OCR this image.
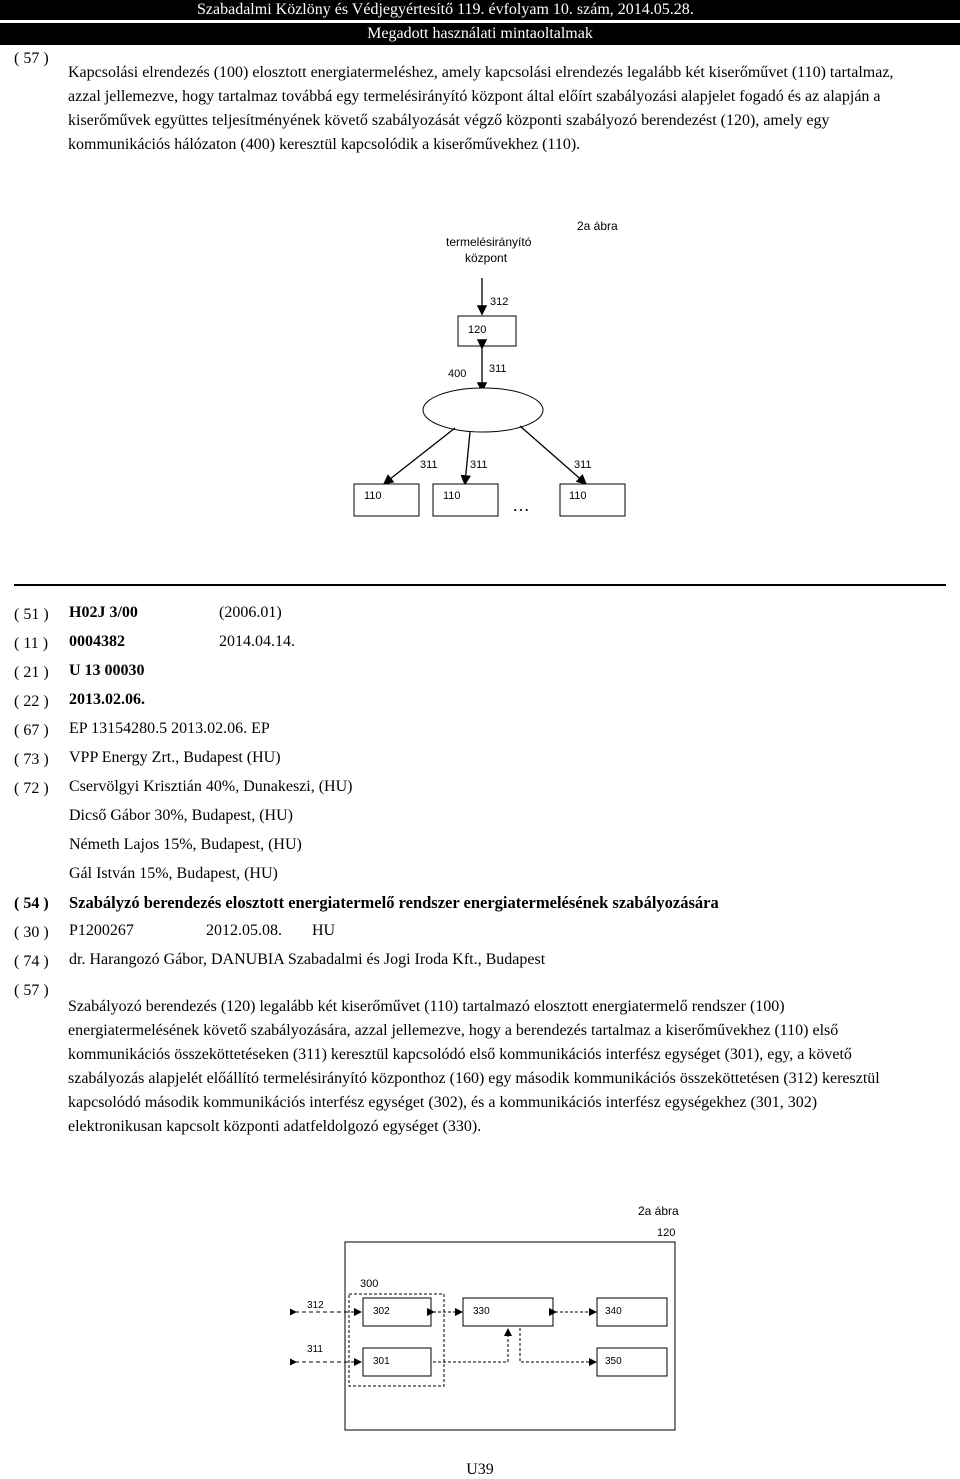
Szabadalmi Közlöny és Védjegyértesítő 119. évfolyam 10. szám, 2014.05.28.
Megadott használati mintaoltalmak
( 57 )
Kapcsolási elrendezés (100) elosztott energiatermeléshez, amely kapcsolási elrendezés legalább két kiserőművet (110) tartalmaz, azzal jellemezve, hogy tartalmaz továbbá egy termelésirányító központ által előírt szabályozási alapjelet fogadó és az alapján a kiserőművek együttes teljesítményének követő szabályozását végző központi szabályozó berendezést (120), amely egy kommunikációs hálózaton (400) keresztül kapcsolódik a kiserőművekhez (110).
2a ábra
termelésirányító
központ
312
120
400 311
311	311	311
110	110	110
…
( 51 ) H02J 3/00	(2006.01)
( 11 ) 0004382	2014.04.14.
( 21 ) U 13 00030
( 22 ) 2013.02.06.
( 67 ) EP 13154280.5 2013.02.06. EP
( 73 ) VPP Energy Zrt., Budapest (HU)
( 72 ) Cservölgyi Krisztián 40%, Dunakeszi, (HU)
Dicső Gábor 30%, Budapest, (HU)
Németh Lajos 15%, Budapest, (HU)
Gál István 15%, Budapest, (HU)
( 54 ) Szabályzó berendezés elosztott energiatermelő rendszer energiatermelésének szabályozására
( 30 ) P1200267	2012.05.08. HU
( 74 ) dr. Harangozó Gábor, DANUBIA Szabadalmi és Jogi Iroda Kft., Budapest
( 57 )
Szabályozó berendezés (120) legalább két kiserőművet (110) tartalmazó elosztott energiatermelő rendszer (100) energiatermelésének követő szabályozására, azzal jellemezve, hogy a berendezés tartalmaz a kiserőművekhez (110) első kommunikációs összeköttetéseken (311) keresztül kapcsolódó első kommunikációs interfész egységet (301), egy, a követő szabályozás alapjelét előállító termelésirányító központhoz (160) egy második kommunikációs összeköttetésen (312) keresztül kapcsolódó második kommunikációs interfész egységet (302), és a kommunikációs interfész egységekhez (301, 302) elektronikusan kapcsolt központi adatfeldolgozó egységet (330).
2a ábra
120
300
302
301
330	340
350
312
311
U39
